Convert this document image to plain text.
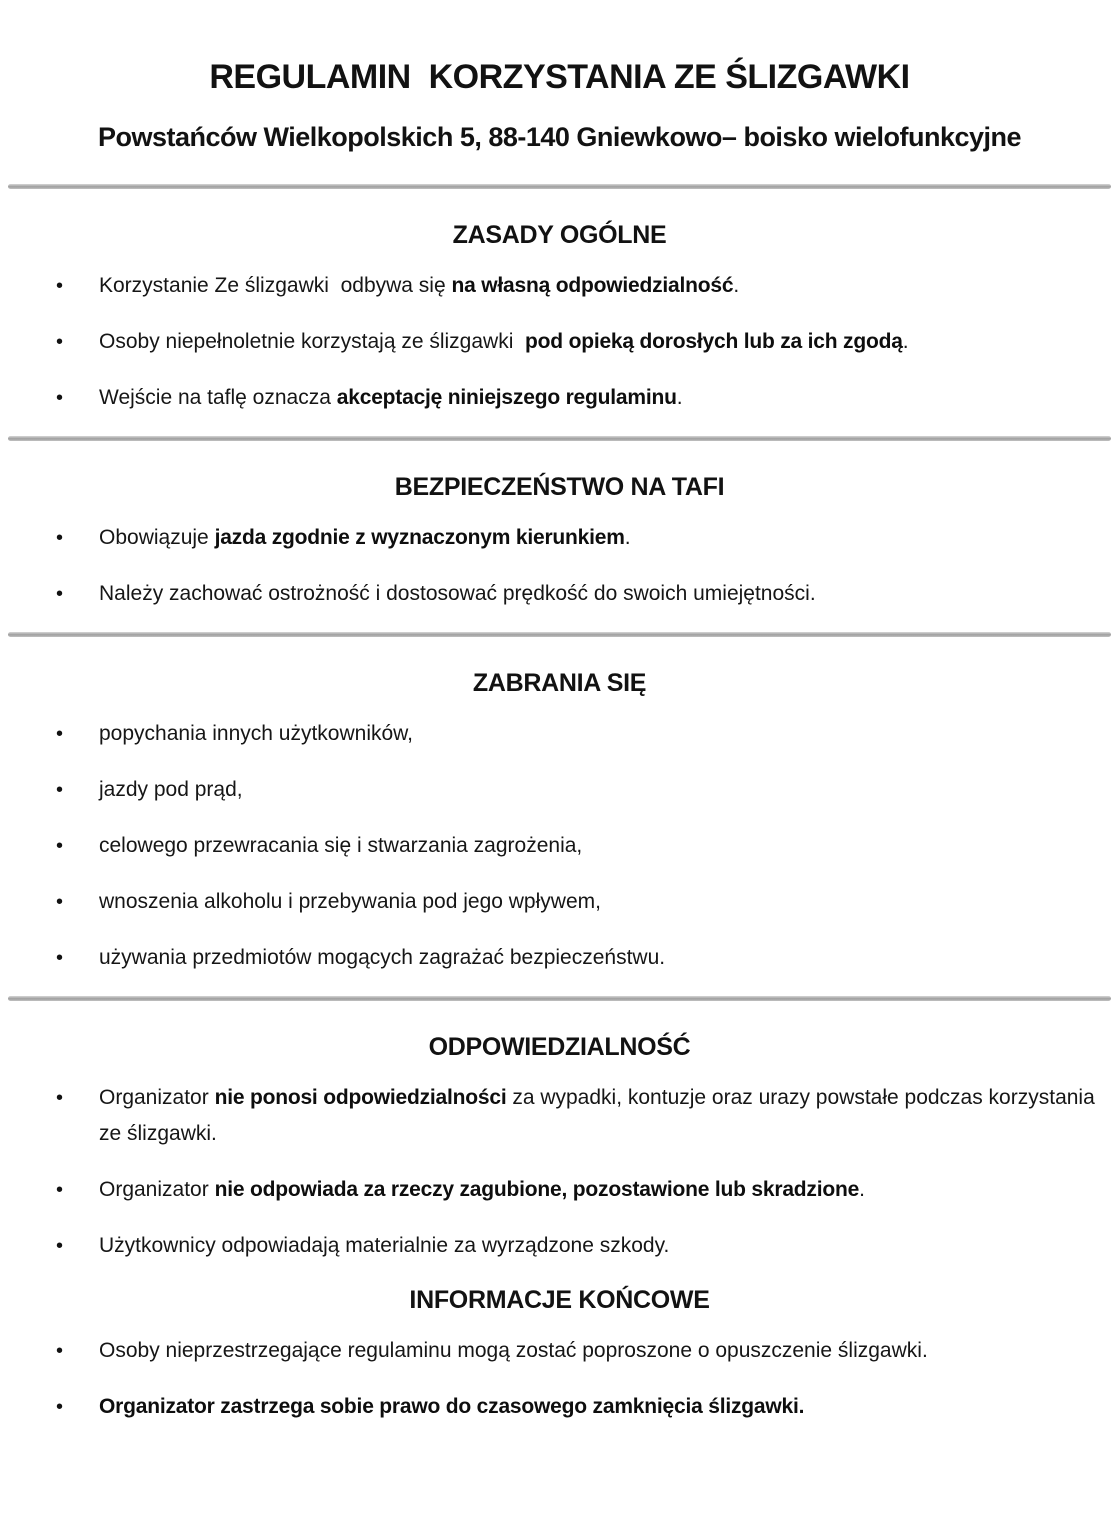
REGULAMIN  KORZYSTANIA ZE ŚLIZGAWKI
Powstańców Wielkopolskich 5, 88-140 Gniewkowo– boisko wielofunkcyjne
ZASADY OGÓLNE
•	Korzystanie Ze ślizgawki  odbywa się na własną odpowiedzialność.
•	Osoby niepełnoletnie korzystają ze ślizgawki  pod opieką dorosłych lub za ich zgodą.
•	Wejście na taflę oznacza akceptację niniejszego regulaminu.
BEZPIECZEŃSTWO NA TAFI
•	Obowiązuje jazda zgodnie z wyznaczonym kierunkiem.
•	Należy zachować ostrożność i dostosować prędkość do swoich umiejętności.
ZABRANIA SIĘ
•	popychania innych użytkowników,
•	jazdy pod prąd,
•	celowego przewracania się i stwarzania zagrożenia,
•	wnoszenia alkoholu i przebywania pod jego wpływem,
•	używania przedmiotów mogących zagrażać bezpieczeństwu.
ODPOWIEDZIALNOŚĆ
•	Organizator nie ponosi odpowiedzialności za wypadki, kontuzje oraz urazy powstałe podczas korzystania ze ślizgawki.
•	Organizator nie odpowiada za rzeczy zagubione, pozostawione lub skradzione.
•	Użytkownicy odpowiadają materialnie za wyrządzone szkody.
INFORMACJE KOŃCOWE
•	Osoby nieprzestrzegające regulaminu mogą zostać poproszone o opuszczenie ślizgawki.
•	Organizator zastrzega sobie prawo do czasowego zamknięcia ślizgawki.
